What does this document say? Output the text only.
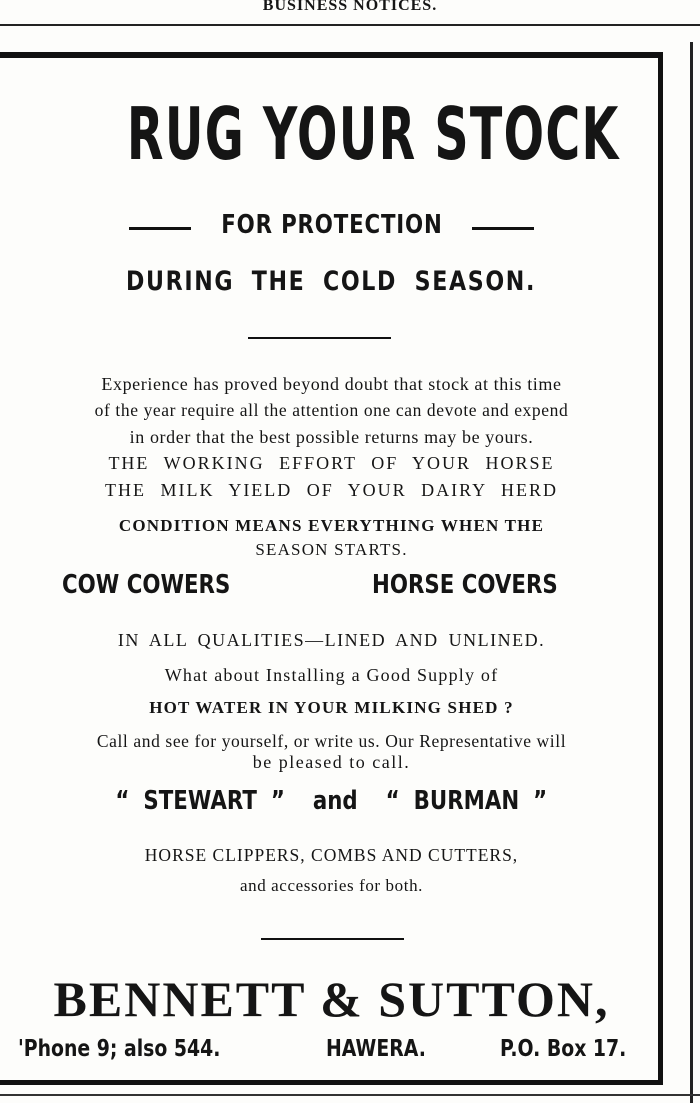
BUSINESS NOTICES.
RUG YOUR STOCK
FOR PROTECTION
DURING THE COLD SEASON.
Experience has proved beyond doubt that stock at this time
of the year require all the attention one can devote and expend
in order that the best possible returns may be yours.
THE WORKING EFFORT OF YOUR HORSE
THE MILK YIELD OF YOUR DAIRY HERD
CONDITION MEANS EVERYTHING WHEN THE
SEASON STARTS.
COW COWERS	HORSE COVERS
IN ALL QUALITIES—LINED AND UNLINED.
What about Installing a Good Supply of
HOT WATER IN YOUR MILKING SHED ?
Call and see for yourself, or write us. Our Representative will
be pleased to call.
“ STEWART ”  and  “ BURMAN ”
HORSE CLIPPERS, COMBS AND CUTTERS,
and accessories for both.
BENNETT & SUTTON,
'Phone 9; also 544.	HAWERA.	P.O. Box 17.
